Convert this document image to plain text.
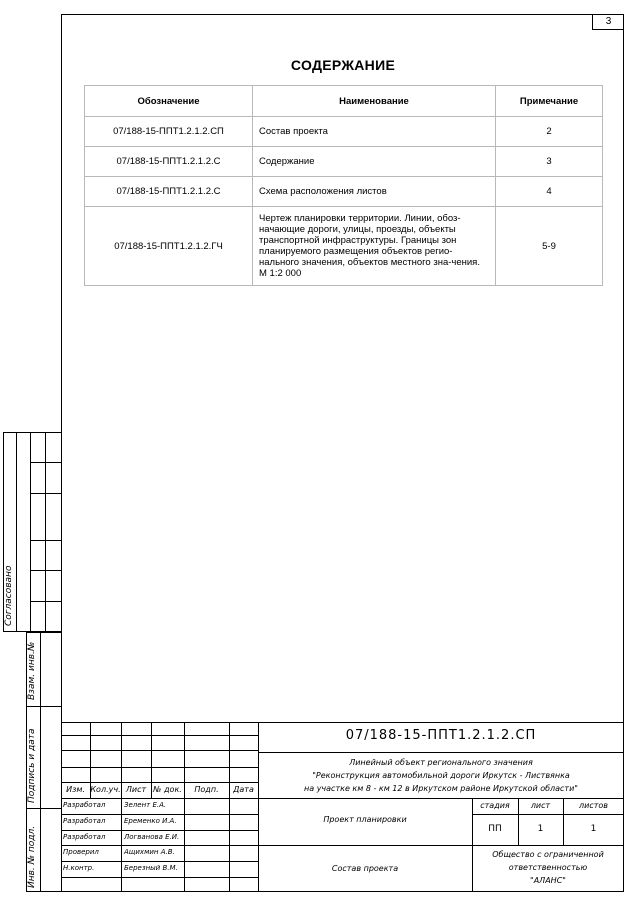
3
СОДЕРЖАНИЕ
Обозначение	Наименование	Примечание
07/188-15-ППТ1.2.1.2.СП	Состав проекта	2
07/188-15-ППТ1.2.1.2.С	Содержание	3
07/188-15-ППТ1.2.1.2.С	Схема расположения листов	4
07/188-15-ППТ1.2.1.2.ГЧ	Чертеж планировки территории. Линии, обоз-начающие дороги, улицы, проезды, объекты транспортной инфраструктуры. Границы зон планируемого размещения объектов регио-нального значения, объектов местного зна-чения. М 1:2 000	5-9
Согласовано
Взам. инв.№
Подпись и дата
Инв. № подл.
07/188-15-ППТ1.2.1.2.СП
Линейный объект регионального значения
"Реконструкция автомобильной дороги Иркутск - Листвянка
на участке км 8 - км 12 в Иркутском районе Иркутской области"
Изм. Кол.уч. Лист № док.	Подп.	Дата
Разработал	Зелент Е.А.
Разработал	Еременко И.А.
Разработал	Логванова Е.И.
Проверил	Ащихмин А.В.
Н.контр.	Березный В.М.
Проект планировки
Состав проекта
стадия	лист	листов
ПП	1	1
Общество с ограниченной
ответственностью
"АЛАНС"
